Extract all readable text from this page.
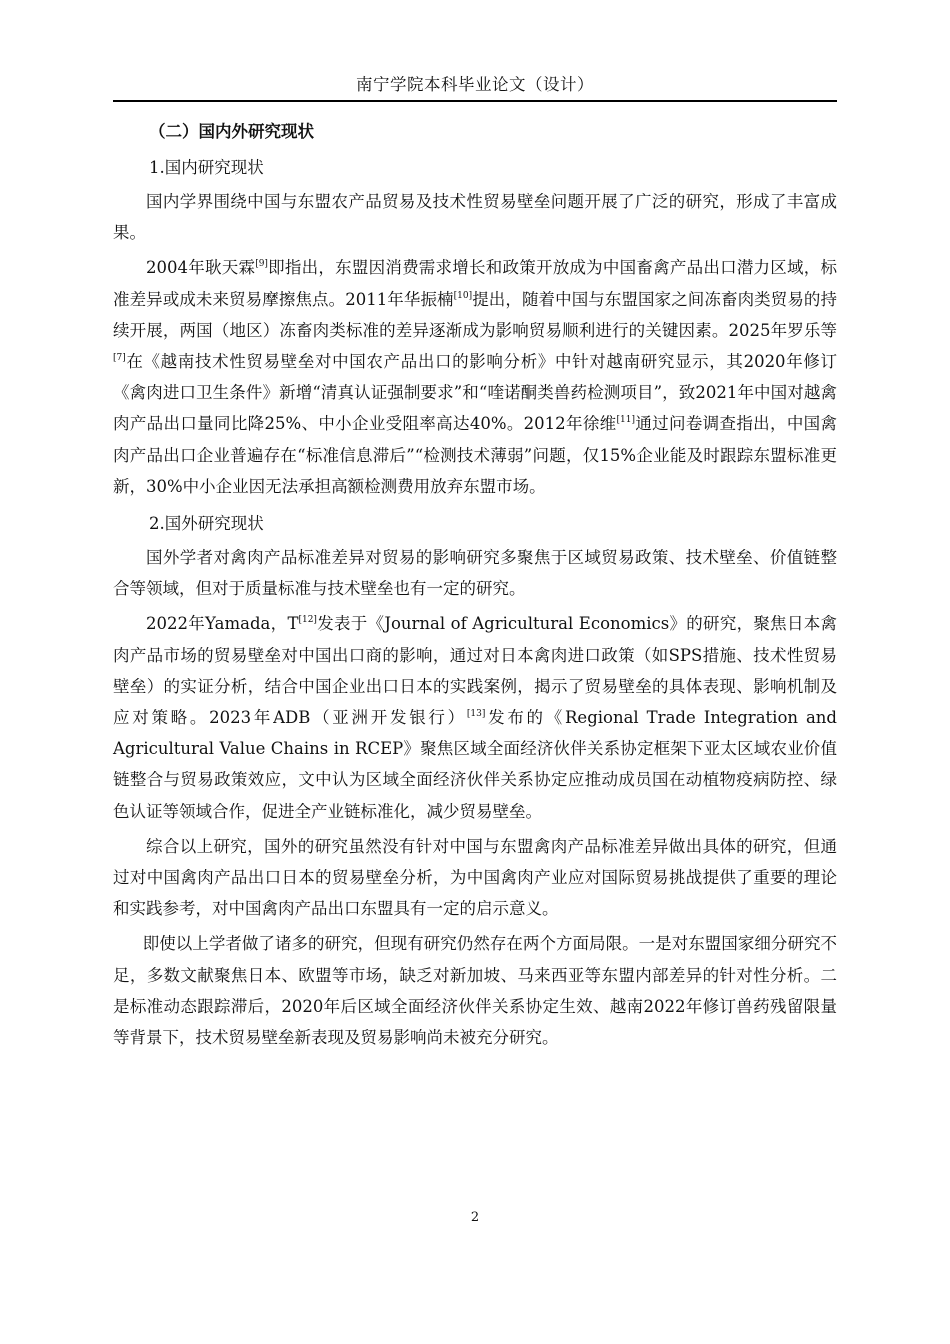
南宁学院本科毕业论文（设计）

（二）国内外研究现状

1.国内研究现状

国内学界围绕中国与东盟农产品贸易及技术性贸易壁垒问题开展了广泛的研究，形成了丰富成果。

2004年耿天霖[9]即指出，东盟因消费需求增长和政策开放成为中国畜禽产品出口潜力区域，标准差异或成未来贸易摩擦焦点。2011年华振楠[10]提出，随着中国与东盟国家之间冻畜肉类贸易的持续开展，两国（地区）冻畜肉类标准的差异逐渐成为影响贸易顺利进行的关键因素。2025年罗乐等[7]在《越南技术性贸易壁垒对中国农产品出口的影响分析》中针对越南研究显示，其2020年修订《禽肉进口卫生条件》新增“清真认证强制要求”和“喹诺酮类兽药检测项目”，致2021年中国对越禽肉产品出口量同比降25%、中小企业受阻率高达40%。2012年徐维[11]通过问卷调查指出，中国禽肉产品出口企业普遍存在“标准信息滞后”“检测技术薄弱”问题，仅15%企业能及时跟踪东盟标准更新，30%中小企业因无法承担高额检测费用放弃东盟市场。

2.国外研究现状

国外学者对禽肉产品标准差异对贸易的影响研究多聚焦于区域贸易政策、技术壁垒、价值链整合等领域，但对于质量标准与技术壁垒也有一定的研究。

2022年Yamada，T[12]发表于《Journal of Agricultural Economics》的研究，聚焦日本禽肉产品市场的贸易壁垒对中国出口商的影响，通过对日本禽肉进口政策（如SPS措施、技术性贸易壁垒）的实证分析，结合中国企业出口日本的实践案例，揭示了贸易壁垒的具体表现、影响机制及应对策略。2023年ADB（亚洲开发银行）[13]发布的《Regional Trade Integration and Agricultural Value Chains in RCEP》聚焦区域全面经济伙伴关系协定框架下亚太区域农业价值链整合与贸易政策效应，文中认为区域全面经济伙伴关系协定应推动成员国在动植物疫病防控、绿色认证等领域合作，促进全产业链标准化，减少贸易壁垒。

综合以上研究，国外的研究虽然没有针对中国与东盟禽肉产品标准差异做出具体的研究，但通过对中国禽肉产品出口日本的贸易壁垒分析，为中国禽肉产业应对国际贸易挑战提供了重要的理论和实践参考，对中国禽肉产品出口东盟具有一定的启示意义。

即使以上学者做了诸多的研究，但现有研究仍然存在两个方面局限。一是对东盟国家细分研究不足，多数文献聚焦日本、欧盟等市场，缺乏对新加坡、马来西亚等东盟内部差异的针对性分析。二是标准动态跟踪滞后，2020年后区域全面经济伙伴关系协定生效、越南2022年修订兽药残留限量等背景下，技术贸易壁垒新表现及贸易影响尚未被充分研究。

2
